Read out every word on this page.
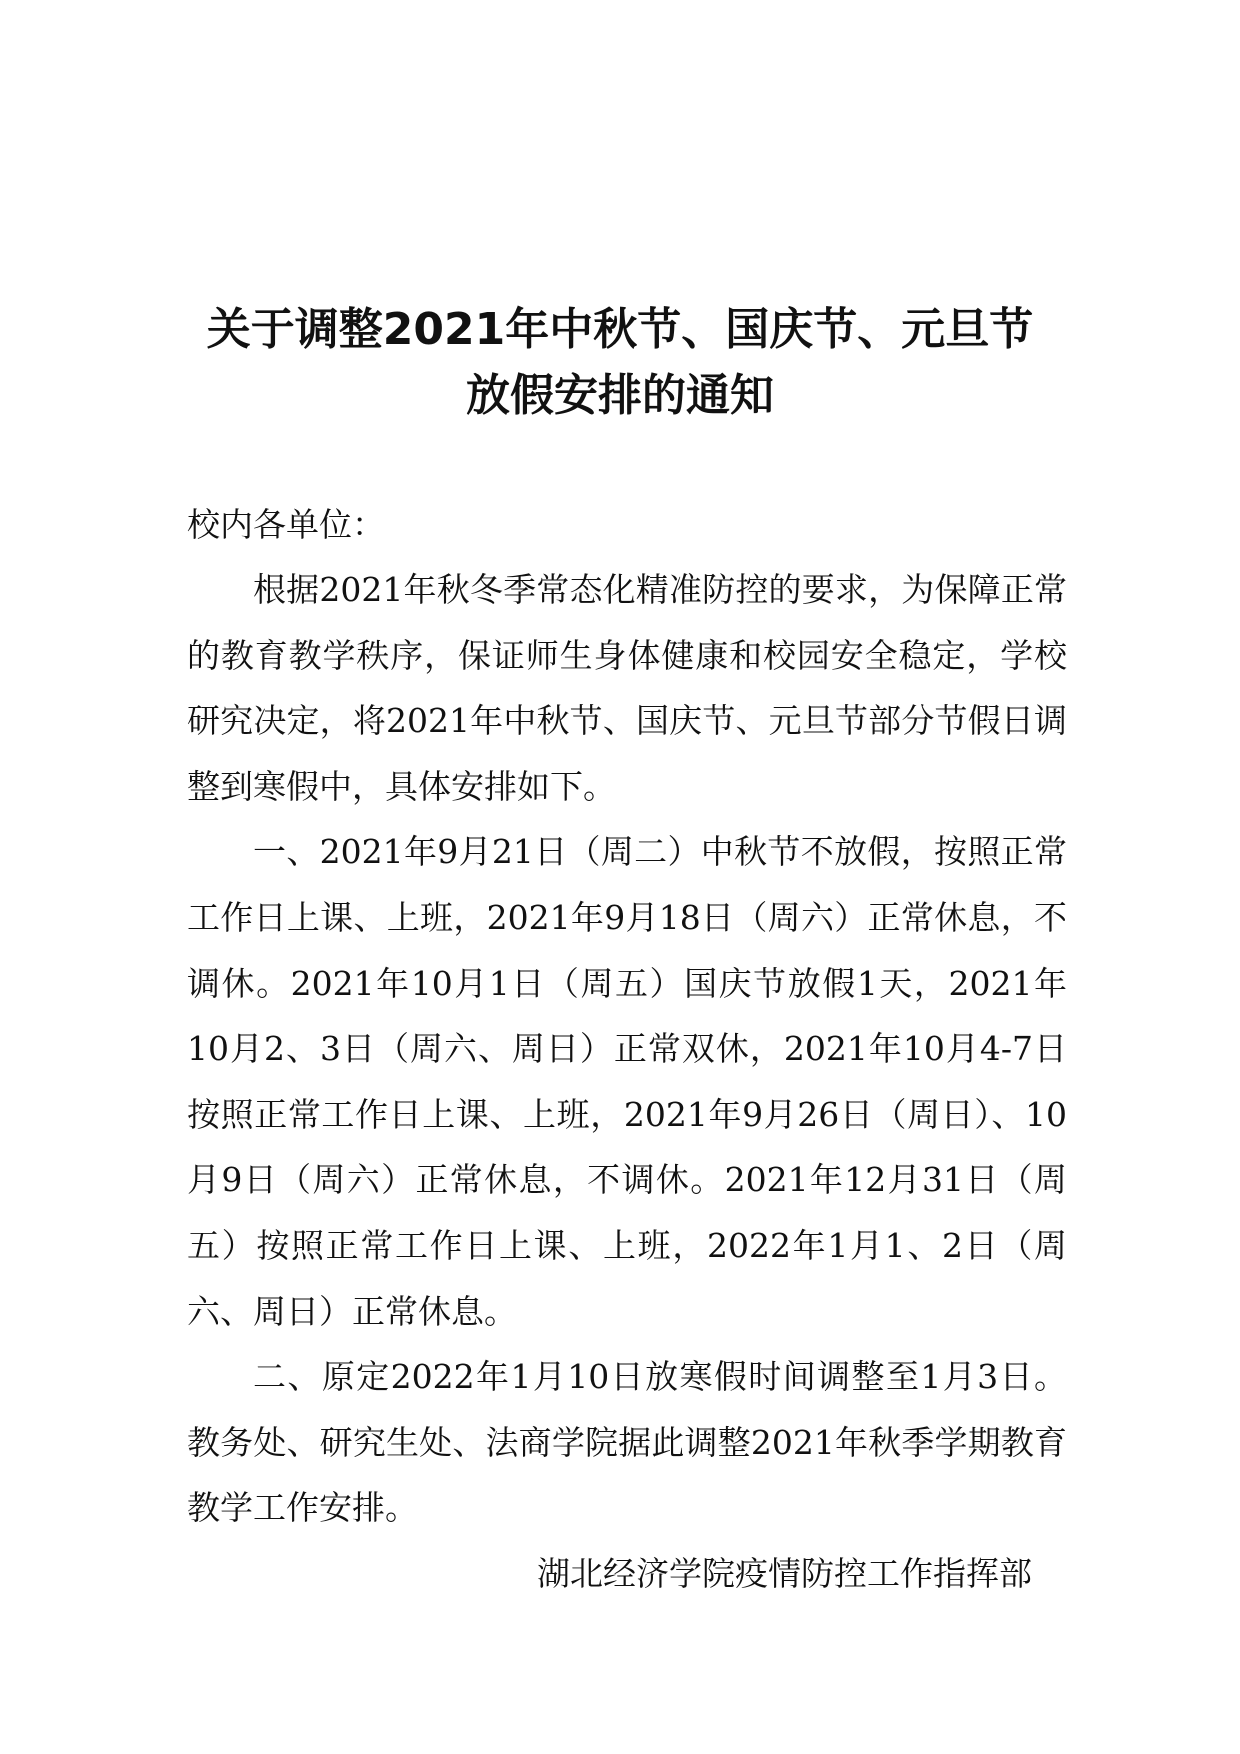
关于调整2021年中秋节、国庆节、元旦节
放假安排的通知
校内各单位：

根据2021年秋冬季常态化精准防控的要求，为保障正常的教育教学秩序，保证师生身体健康和校园安全稳定，学校研究决定，将2021年中秋节、国庆节、元旦节部分节假日调整到寒假中，具体安排如下。

一、2021年9月21日（周二）中秋节不放假，按照正常工作日上课、上班，2021年9月18日（周六）正常休息，不调休。2021年10月1日（周五）国庆节放假1天，2021年10月2、3日（周六、周日）正常双休，2021年10月4-7日按照正常工作日上课、上班，2021年9月26日（周日）、10月9日（周六）正常休息，不调休。2021年12月31日（周五）按照正常工作日上课、上班，2022年1月1、2日（周六、周日）正常休息。

二、原定2022年1月10日放寒假时间调整至1月3日。教务处、研究生处、法商学院据此调整2021年秋季学期教育教学工作安排。

湖北经济学院疫情防控工作指挥部
